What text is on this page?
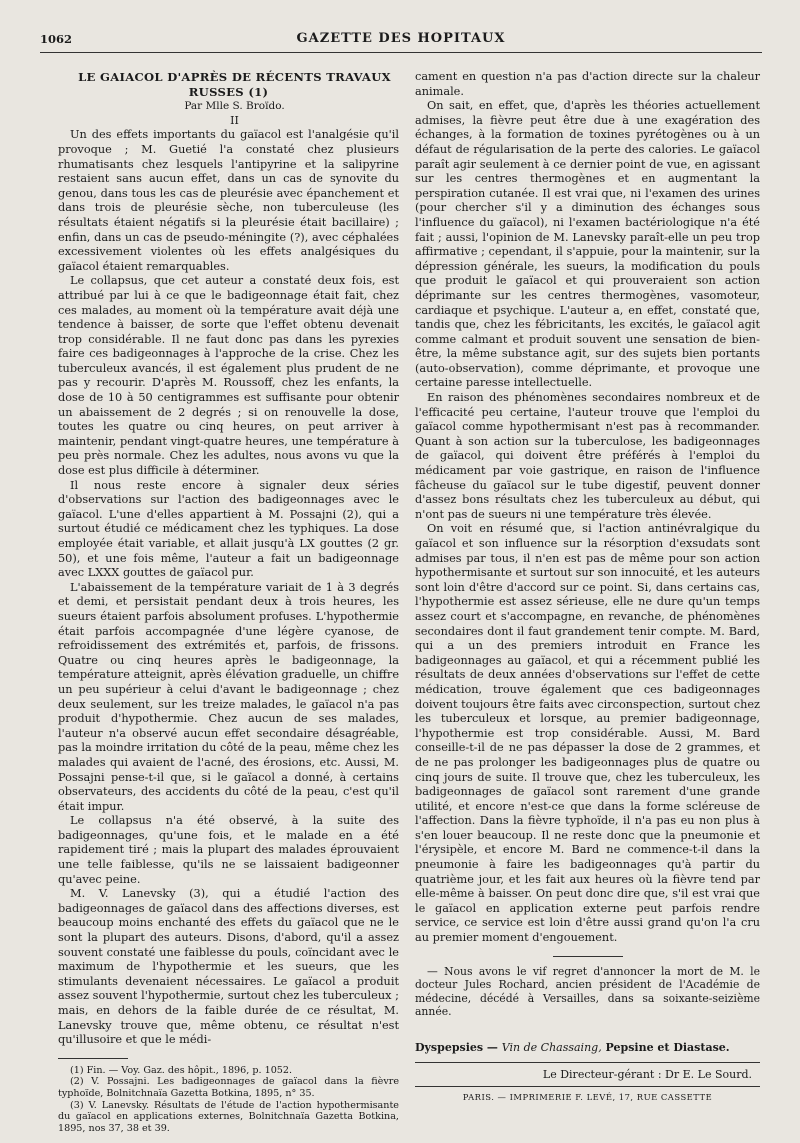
1062	GAZETTE DES HOPITAUX

LE GAIACOL D'APRÈS DE RÉCENTS TRAVAUX RUSSES (1)

Par Mlle S. Broïdo.

II

Un des effets importants du gaïacol est l'analgésie qu'il provoque ; M. Guetié l'a constaté chez plusieurs rhumatisants chez lesquels l'antipyrine et la salipyrine restaient sans aucun effet, dans un cas de synovite du genou, dans tous les cas de pleurésie avec épanchement et dans trois de pleurésie sèche, non tuberculeuse (les résultats étaient négatifs si la pleurésie était bacillaire) ; enfin, dans un cas de pseudo-méningite (?), avec céphalées excessivement violentes où les effets analgésiques du gaïacol étaient remarquables.

Le collapsus, que cet auteur a constaté deux fois, est attribué par lui à ce que le badigeonnage était fait, chez ces malades, au moment où la température avait déjà une tendence à baisser, de sorte que l'effet obtenu devenait trop considérable. Il ne faut donc pas dans les pyrexies faire ces badigeonnages à l'approche de la crise. Chez les tuberculeux avancés, il est également plus prudent de ne pas y recourir. D'après M. Roussoff, chez les enfants, la dose de 10 à 50 centigrammes est suffisante pour obtenir un abaissement de 2 degrés ; si on renouvelle la dose, toutes les quatre ou cinq heures, on peut arriver à maintenir, pendant vingt-quatre heures, une température à peu près normale. Chez les adultes, nous avons vu que la dose est plus difficile à déterminer.

Il nous reste encore à signaler deux séries d'observations sur l'action des badigeonnages avec le gaïacol. L'une d'elles appartient à M. Possajni (2), qui a surtout étudié ce médicament chez les typhiques. La dose employée était variable, et allait jusqu'à LX gouttes (2 gr. 50), et une fois même, l'auteur a fait un badigeonnage avec LXXX gouttes de gaïacol pur.

L'abaissement de la température variait de 1 à 3 degrés et demi, et persistait pendant deux à trois heures, les sueurs étaient parfois absolument profuses. L'hypothermie était parfois accompagnée d'une légère cyanose, de refroidissement des extrémités et, parfois, de frissons. Quatre ou cinq heures après le badigeonnage, la température atteignit, après élévation graduelle, un chiffre un peu supérieur à celui d'avant le badigeonnage ; chez deux seulement, sur les treize malades, le gaïacol n'a pas produit d'hypothermie. Chez aucun de ses malades, l'auteur n'a observé aucun effet secondaire désagréable, pas la moindre irritation du côté de la peau, même chez les malades qui avaient de l'acné, des érosions, etc. Aussi, M. Possajni pense-t-il que, si le gaïacol a donné, à certains observateurs, des accidents du côté de la peau, c'est qu'il était impur.

Le collapsus n'a été observé, à la suite des badigeonnages, qu'une fois, et le malade en a été rapidement tiré ; mais la plupart des malades éprouvaient une telle faiblesse, qu'ils ne se laissaient badigeonner qu'avec peine.

M. V. Lanevsky (3), qui a étudié l'action des badigeonnages de gaïacol dans des affections diverses, est beaucoup moins enchanté des effets du gaïacol que ne le sont la plupart des auteurs. Disons, d'abord, qu'il a assez souvent constaté une faiblesse du pouls, coïncidant avec le maximum de l'hypothermie et les sueurs, que les stimulants devenaient nécessaires. Le gaïacol a produit assez souvent l'hypothermie, surtout chez les tuberculeux ; mais, en dehors de la faible durée de ce résultat, M. Lanevsky trouve que, même obtenu, ce résultat n'est qu'illusoire et que le médi-

(1) Fin. — Voy. Gaz. des hôpit., 1896, p. 1052.

(2) V. Possajni. Les badigeonnages de gaïacol dans la fièvre typhoïde, Bolnitchnaïa Gazetta Botkina, 1895, n° 35.

(3) V. Lanevsky. Résultats de l'étude de l'action hypothermisante du gaïacol en applications externes, Bolnitchnaïa Gazetta Botkina, 1895, nos 37, 38 et 39.

cament en question n'a pas d'action directe sur la chaleur animale.

On sait, en effet, que, d'après les théories actuellement admises, la fièvre peut être due à une exagération des échanges, à la formation de toxines pyrétogènes ou à un défaut de régularisation de la perte des calories. Le gaïacol paraît agir seulement à ce dernier point de vue, en agissant sur les centres thermogènes et en augmentant la perspiration cutanée. Il est vrai que, ni l'examen des urines (pour chercher s'il y a diminution des échanges sous l'influence du gaïacol), ni l'examen bactériologique n'a été fait ; aussi, l'opinion de M. Lanevsky paraît-elle un peu trop affirmative ; cependant, il s'appuie, pour la maintenir, sur la dépression générale, les sueurs, la modification du pouls que produit le gaïacol et qui prouveraient son action déprimante sur les centres thermogènes, vasomoteur, cardiaque et psychique. L'auteur a, en effet, constaté que, tandis que, chez les fébricitants, les excités, le gaïacol agit comme calmant et produit souvent une sensation de bien-être, la même substance agit, sur des sujets bien portants (auto-observation), comme déprimante, et provoque une certaine paresse intellectuelle.

En raison des phénomènes secondaires nombreux et de l'efficacité peu certaine, l'auteur trouve que l'emploi du gaïacol comme hypothermisant n'est pas à recommander. Quant à son action sur la tuberculose, les badigeonnages de gaïacol, qui doivent être préférés à l'emploi du médicament par voie gastrique, en raison de l'influence fâcheuse du gaïacol sur le tube digestif, peuvent donner d'assez bons résultats chez les tuberculeux au début, qui n'ont pas de sueurs ni une température très élevée.

On voit en résumé que, si l'action antinévralgique du gaïacol et son influence sur la résorption d'exsudats sont admises par tous, il n'en est pas de même pour son action hypothermisante et surtout sur son innocuité, et les auteurs sont loin d'être d'accord sur ce point. Si, dans certains cas, l'hypothermie est assez sérieuse, elle ne dure qu'un temps assez court et s'accompagne, en revanche, de phénomènes secondaires dont il faut grandement tenir compte. M. Bard, qui a un des premiers introduit en France les badigeonnages au gaïacol, et qui a récemment publié les résultats de deux années d'observations sur l'effet de cette médication, trouve également que ces badigeonnages doivent toujours être faits avec circonspection, surtout chez les tuberculeux et lorsque, au premier badigeonnage, l'hypothermie est trop considérable. Aussi, M. Bard conseille-t-il de ne pas dépasser la dose de 2 grammes, et de ne pas prolonger les badigeonnages plus de quatre ou cinq jours de suite. Il trouve que, chez les tuberculeux, les badigeonnages de gaïacol sont rarement d'une grande utilité, et encore n'est-ce que dans la forme scléreuse de l'affection. Dans la fièvre typhoïde, il n'a pas eu non plus à s'en louer beaucoup. Il ne reste donc que la pneumonie et l'érysipèle, et encore M. Bard ne commence-t-il dans la pneumonie à faire les badigeonnages qu'à partir du quatrième jour, et les fait aux heures où la fièvre tend par elle-même à baisser. On peut donc dire que, s'il est vrai que le gaïacol en application externe peut parfois rendre service, ce service est loin d'être aussi grand qu'on l'a cru au premier moment d'engouement.

— Nous avons le vif regret d'annoncer la mort de M. le docteur Jules Rochard, ancien président de l'Académie de médecine, décédé à Versailles, dans sa soixante-seizième année.

Dyspepsies — Vin de Chassaing, Pepsine et Diastase.
Le Directeur-gérant : Dr E. Le Sourd.
PARIS. — IMPRIMERIE F. LEVÉ, 17, RUE CASSETTE
